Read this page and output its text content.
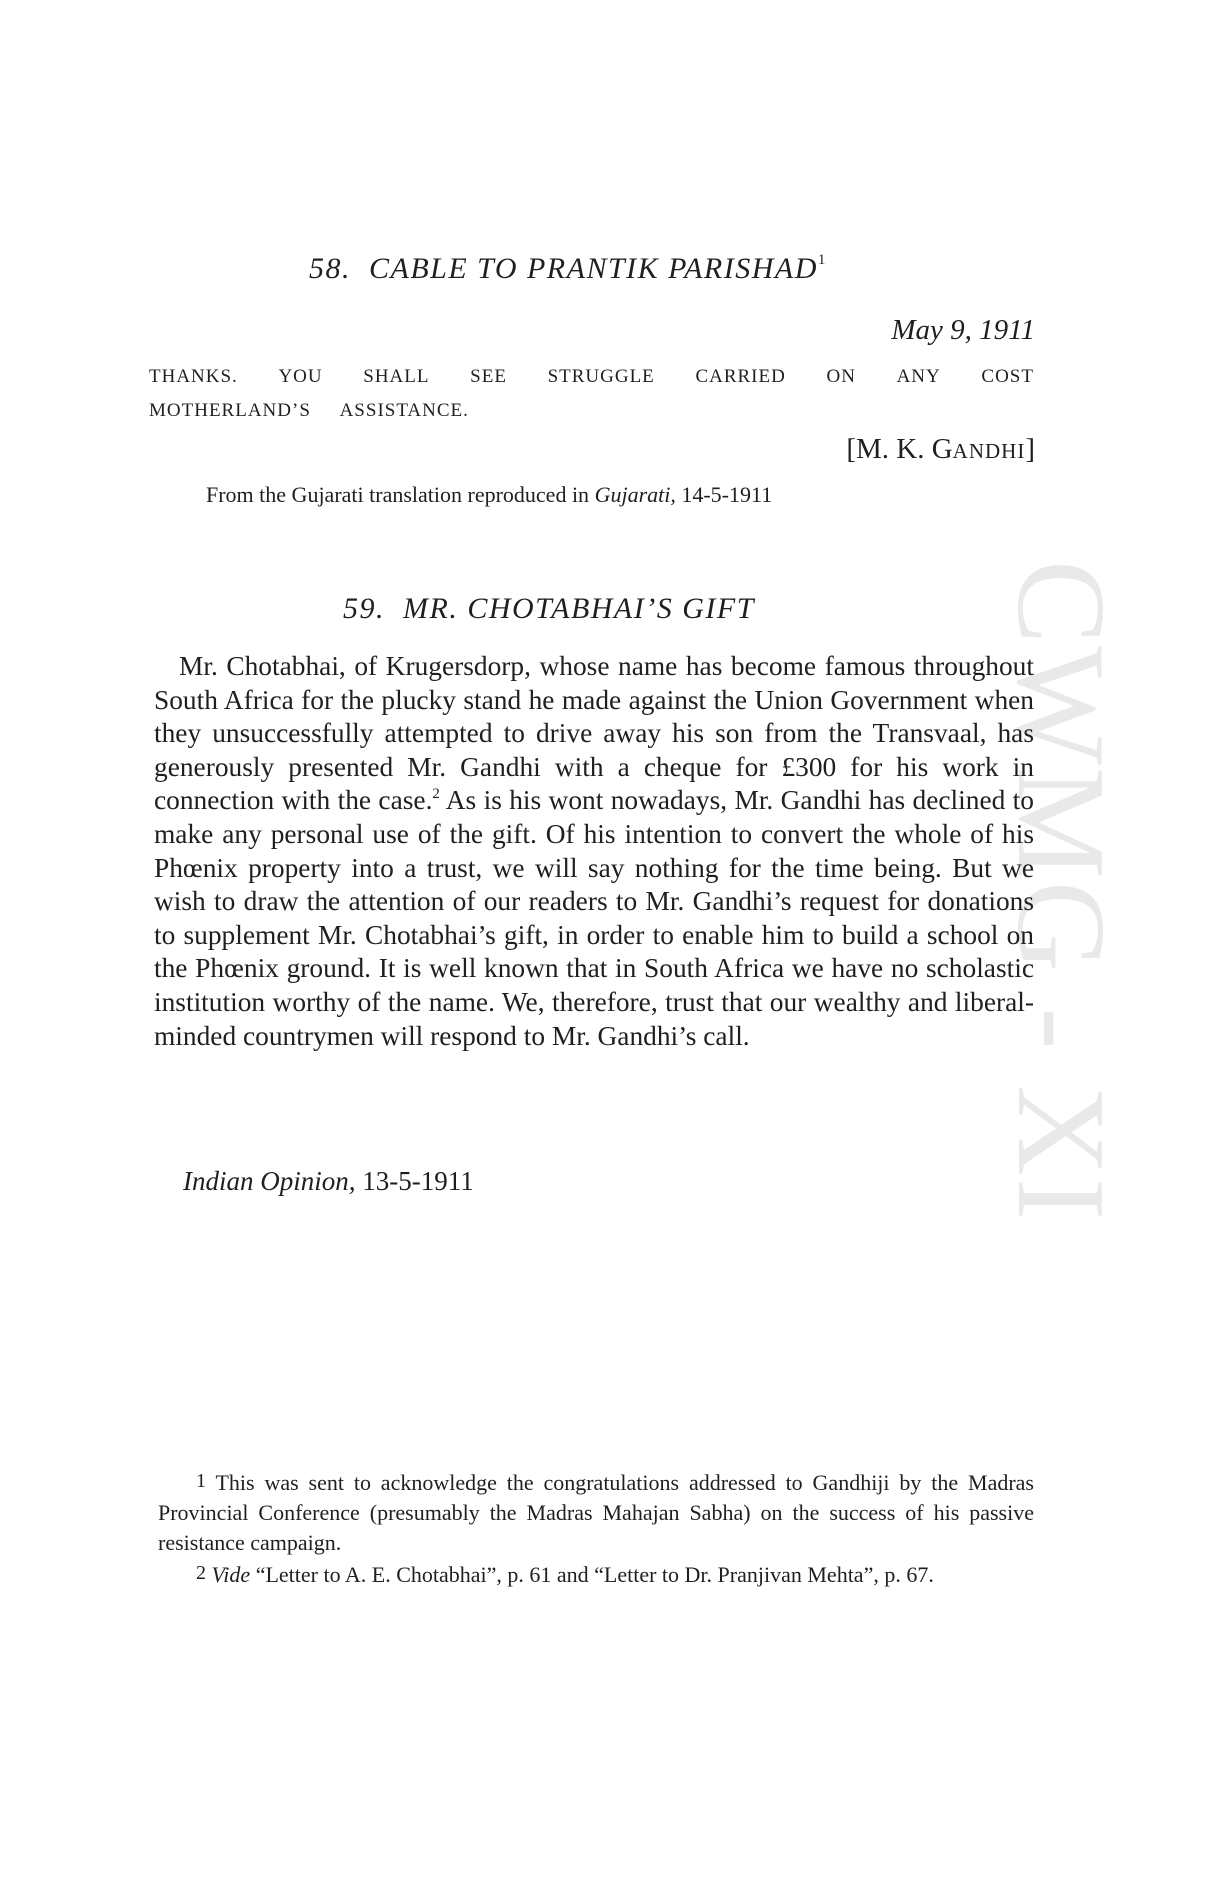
CWMG - XI
58. CABLE TO PRANTIK PARISHAD$^1$
May 9, 1911
THANKS. YOU SHALL SEE STRUGGLE CARRIED ON ANY COST
MOTHERLAND’S ASSISTANCE.
[M. K. GANDHI]
From the Gujarati translation reproduced in Gujarati, 14-5-1911
59. MR. CHOTABHAI’S GIFT

Mr. Chotabhai, of Krugersdorp, whose name has become famous throughout South Africa for the plucky stand he made against the Union Government when they unsuccessfully attempted to drive away his son from the Transvaal, has generously presented Mr. Gandhi with a cheque for £300 for his work in connection with the case.$^2$ As is his wont nowadays, Mr. Gandhi has declined to make any personal use of the gift. Of his intention to convert the whole of his Phœnix property into a trust, we will say nothing for the time being. But we wish to draw the attention of our readers to Mr. Gandhi’s request for donations to supplement Mr. Chotabhai’s gift, in order to enable him to build a school on the Phœnix ground. It is well known that in South Africa we have no scholastic institution worthy of the name. We, therefore, trust that our wealthy and liberal-minded countrymen will respond to Mr. Gandhi’s call.

Indian Opinion, 13-5-1911

1 This was sent to acknowledge the congratulations addressed to Gandhiji by the Madras Provincial Conference (presumably the Madras Mahajan Sabha) on the success of his passive resistance campaign.

2 Vide “Letter to A. E. Chotabhai”, p. 61 and “Letter to Dr. Pranjivan Mehta”, p. 67.
